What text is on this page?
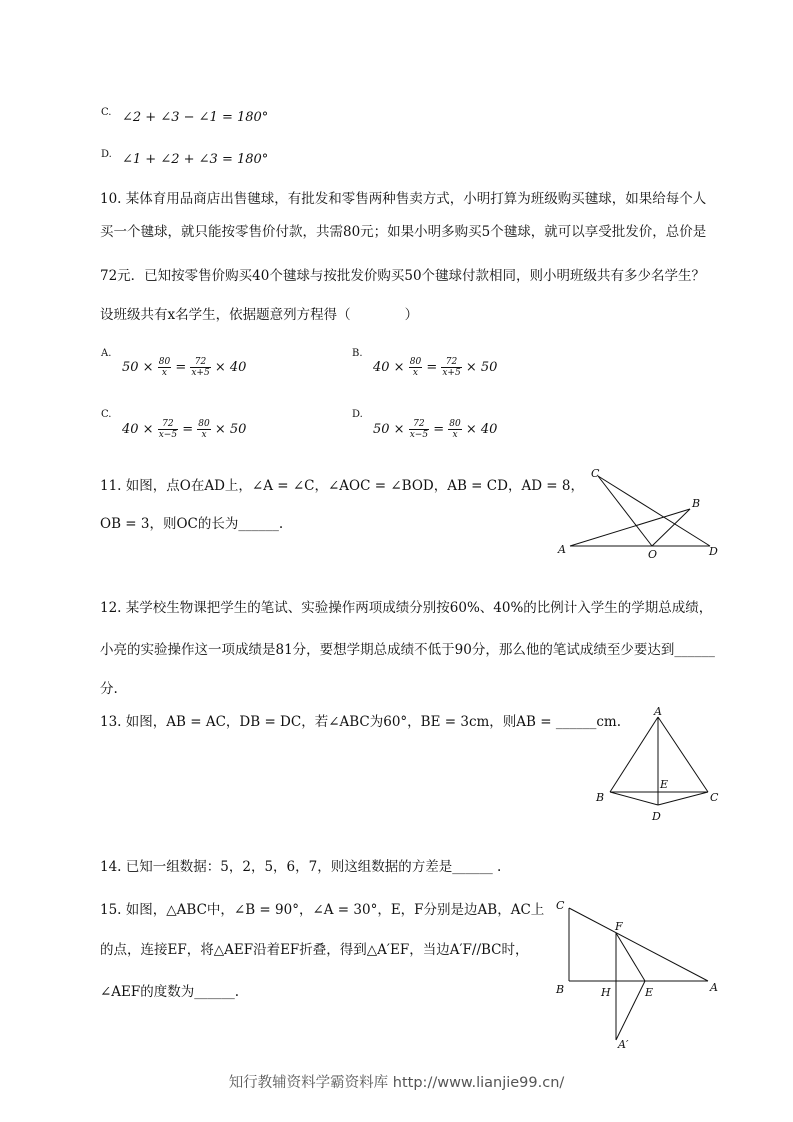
C. ∠2 + ∠3 − ∠1 = 180°
D. ∠1 + ∠2 + ∠3 = 180°
10. 某体育用品商店出售毽球，有批发和零售两种售卖方式，小明打算为班级购买毽球，如果给每个人
买一个毽球，就只能按零售价付款，共需80元；如果小明多购买5个毽球，就可以享受批发价，总价是
72元．已知按零售价购买40个毽球与按批发价购买50个毽球付款相同，则小明班级共有多少名学生？
设班级共有x名学生，依据题意列方程得（　　　　）
A.
$50 \times \frac{80}{x} = \frac{72}{x+5} \times 40$
B.
$40 \times \frac{80}{x} = \frac{72}{x+5} \times 50$
C.
$40 \times \frac{72}{x-5} = \frac{80}{x} \times 50$
D.
$50 \times \frac{72}{x-5} = \frac{80}{x} \times 40$
11. 如图，点O在AD上，∠A = ∠C，∠AOC = ∠BOD，AB = CD，AD = 8，
OB = 3，则OC的长为______.
C
B
A	O	D
12. 某学校生物课把学生的笔试、实验操作两项成绩分别按60%、40%的比例计入学生的学期总成绩，
小亮的实验操作这一项成绩是81分，要想学期总成绩不低于90分，那么他的笔试成绩至少要达到______
分.
13. 如图，AB = AC，DB = DC，若∠ABC为60°，BE = 3cm，则AB = ______cm.
A
B	C
E
D
14. 已知一组数据：5，2，5，6，7，则这组数据的方差是______ .
15. 如图，△ABC中，∠B = 90°，∠A = 30°，E，F分别是边AB，AC上
的点，连接EF，将△AEF沿着EF折叠，得到△A′EF，当边A′F//BC时，
∠AEF的度数为______.
C
F
B	H	E	A
A′
知行教辅资料学霸资料库 http://www.lianjie99.cn/
